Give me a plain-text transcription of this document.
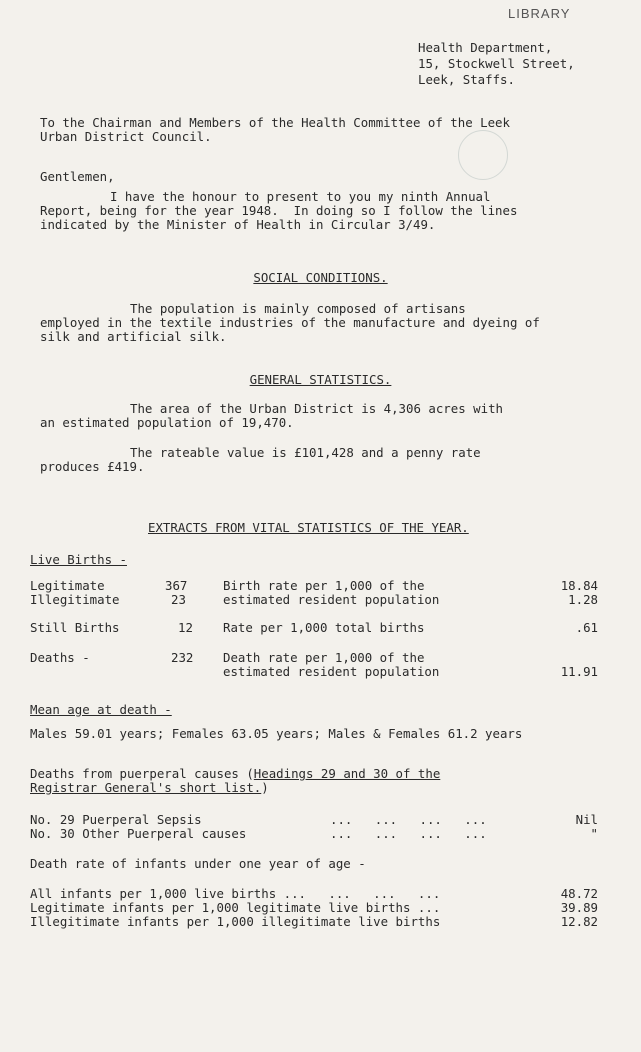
LIBRARY
Health Department,
15, Stockwell Street,
Leek, Staffs.
To the Chairman and Members of the Health Committee of the Leek
Urban District Council.
Gentlemen,
I have the honour to present to you my ninth Annual
Report, being for the year 1948.  In doing so I follow the lines
indicated by the Minister of Health in Circular 3/49.
SOCIAL CONDITIONS.
The population is mainly composed of artisans
employed in the textile industries of the manufacture and dyeing of
silk and artificial silk.
GENERAL STATISTICS.
The area of the Urban District is 4,306 acres with
an estimated population of 19,470.
The rateable value is £101,428 and a penny rate
produces £419.
EXTRACTS FROM VITAL STATISTICS OF THE YEAR.
Live Births -
Legitimate	367	Birth rate per 1,000 of the	18.84
Illegitimate	23	estimated resident population	1.28
Still Births	12 Rate per 1,000 total births	.61
Deaths -	232 Death rate per 1,000 of the
estimated resident population	11.91
Mean age at death -
Males 59.01 years; Females 63.05 years; Males & Females 61.2 years
Deaths from puerperal causes (Headings 29 and 30 of the
Registrar General's short list.)
No. 29 Puerperal Sepsis	...   ...   ...   ...	Nil
No. 30 Other Puerperal causes	...   ...   ...   ...	"
Death rate of infants under one year of age -
All infants per 1,000 live births ...   ...   ...   ...	48.72
Legitimate infants per 1,000 legitimate live births ...	39.89
Illegitimate infants per 1,000 illegitimate live births	12.82
